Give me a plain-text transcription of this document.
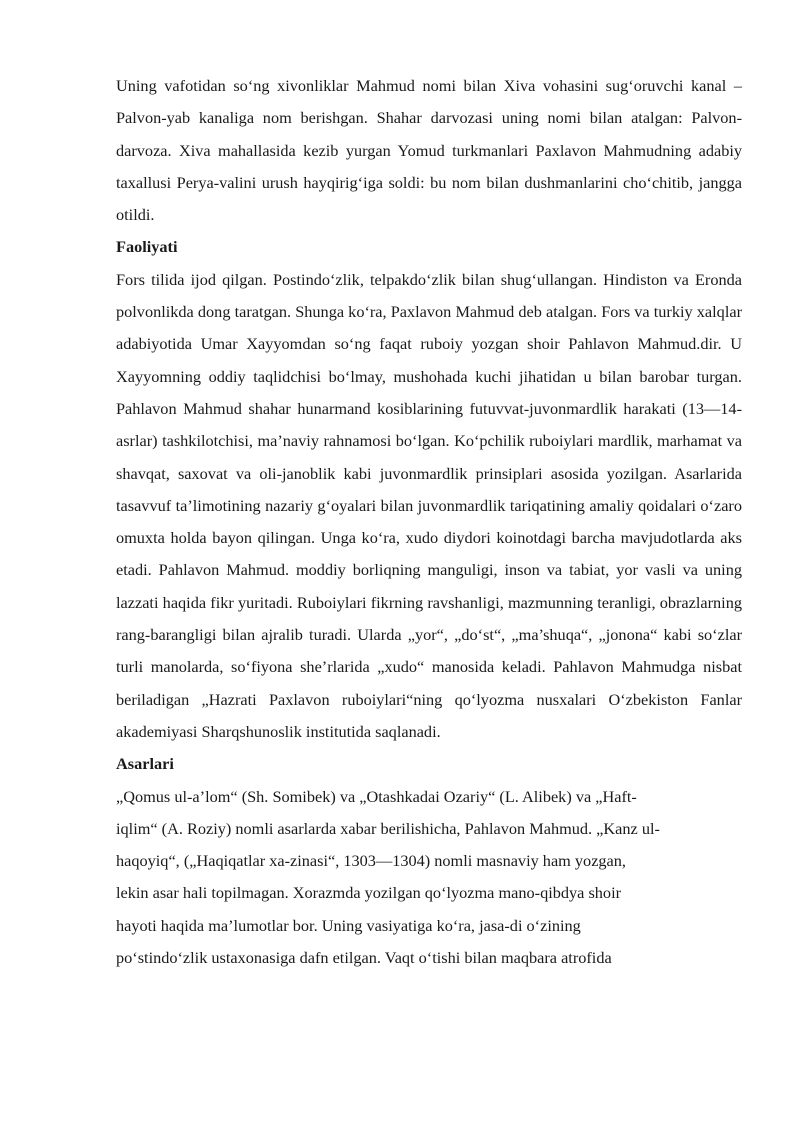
Uning vafotidan so‘ng xivonliklar Mahmud nomi bilan Xiva vohasini sug‘oruvchi kanal – Palvon-yab kanaliga nom berishgan. Shahar darvozasi uning nomi bilan atalgan: Palvon-darvoza. Xiva mahallasida kezib yurgan Yomud turkmanlari Paxlavon Mahmudning adabiy taxallusi Perya-valini urush hayqirig‘iga soldi: bu nom bilan dushmanlarini cho‘chitib, jangga otildi.

Faoliyati

Fors tilida ijod qilgan. Postindo‘zlik, telpakdo‘zlik bilan shug‘ullangan. Hindiston va Eronda polvonlikda dong taratgan. Shunga ko‘ra, Paxlavon Mahmud deb atalgan. Fors va turkiy xalqlar adabiyotida Umar Xayyomdan so‘ng faqat ruboiy yozgan shoir Pahlavon Mahmud.dir. U Xayyomning oddiy taqlidchisi bo‘lmay, mushohada kuchi jihatidan u bilan barobar turgan. Pahlavon Mahmud shahar hunarmand kosiblarining futuvvat-juvonmardlik harakati (13—14-asrlar) tashkilotchisi, ma’naviy rahnamosi bo‘lgan. Ko‘pchilik ruboiylari mardlik, marhamat va shavqat, saxovat va oli-janoblik kabi juvonmardlik prinsiplari asosida yozilgan. Asarlarida tasavvuf ta’limotining nazariy g‘oyalari bilan juvonmardlik tariqatining amaliy qoidalari o‘zaro omuxta holda bayon qilingan. Unga ko‘ra, xudo diydori koinotdagi barcha mavjudotlarda aks etadi. Pahlavon Mahmud. moddiy borliqning manguligi, inson va tabiat, yor vasli va uning lazzati haqida fikr yuritadi. Ruboiylari fikrning ravshanligi, mazmunning teranligi, obrazlarning rang-barangligi bilan ajralib turadi. Ularda „yor“, „do‘st“, „ma’shuqa“, „jonona“ kabi so‘zlar turli manolarda, so‘fiyona she’rlarida „xudo“ manosida keladi. Pahlavon Mahmudga nisbat beriladigan „Hazrati Paxlavon ruboiylari“ning qo‘lyozma nusxalari O‘zbekiston Fanlar akademiyasi Sharqshunoslik institutida saqlanadi.

Asarlari
„Qomus ul-a’lom“ (Sh. Somibek) va „Otashkadai Ozariy“ (L. Alibek) va „Haft-
iqlim“ (A. Roziy) nomli asarlarda xabar berilishicha, Pahlavon Mahmud. „Kanz ul-
haqoyiq“, („Haqiqatlar xa-zinasi“, 1303—1304) nomli masnaviy ham yozgan,
lekin asar hali topilmagan. Xorazmda yozilgan qo‘lyozma mano-qibdya shoir
hayoti haqida ma’lumotlar bor. Uning vasiyatiga ko‘ra, jasa-di o‘zining
po‘stindo‘zlik ustaxonasiga dafn etilgan. Vaqt o‘tishi bilan maqbara atrofida
